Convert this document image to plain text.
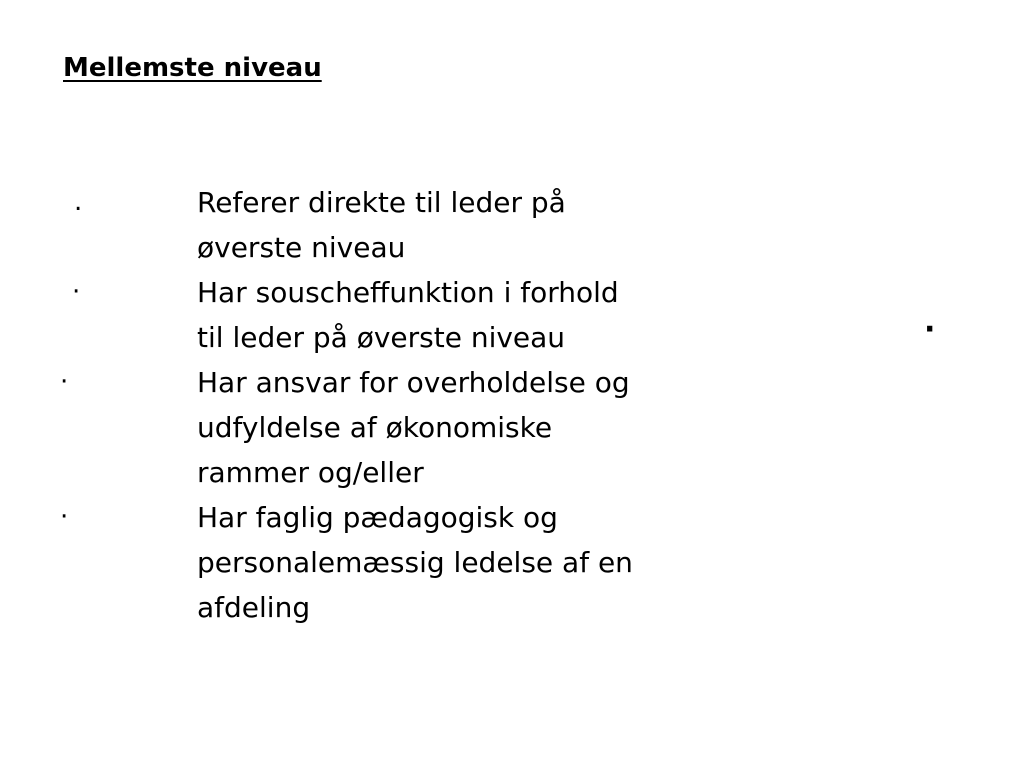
Mellemste niveau
.	Referer direkte til leder på
øverste niveau
·	Har souscheffunktion i forhold
til leder på øverste niveau
·	Har ansvar for overholdelse og
udfyldelse af økonomiske
rammer og/eller
·	Har faglig pædagogisk og
personalemæssig ledelse af en
afdeling
·
